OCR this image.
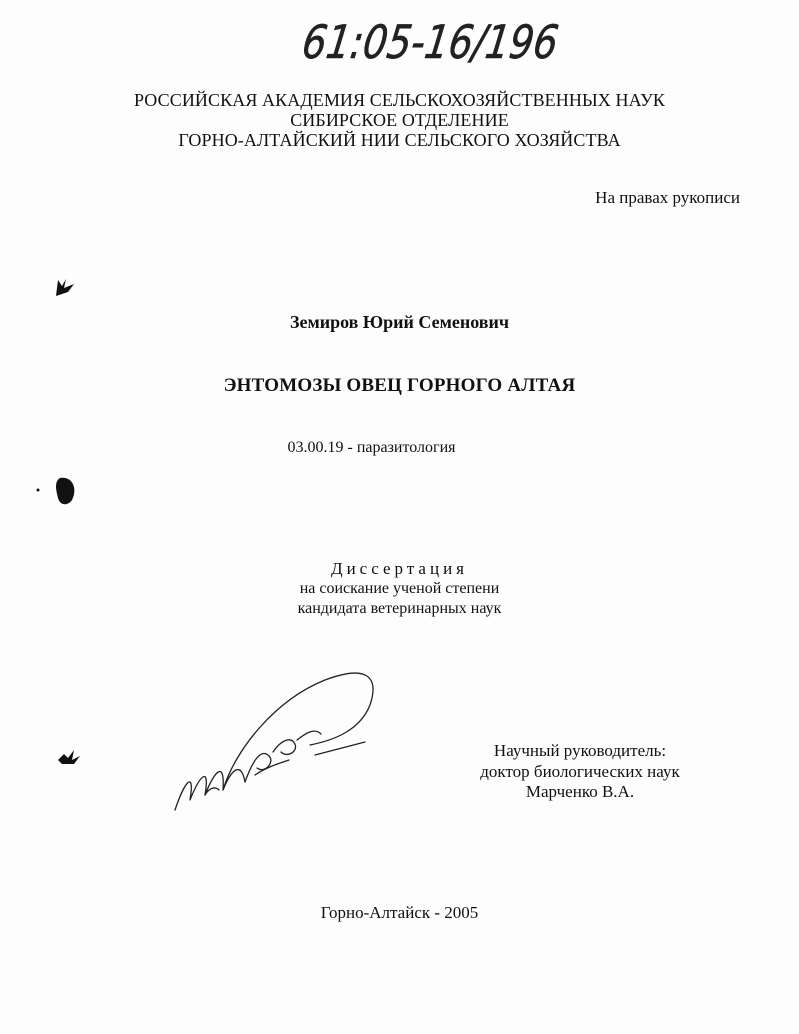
61:05-16/196
РОССИЙСКАЯ АКАДЕМИЯ СЕЛЬСКОХОЗЯЙСТВЕННЫХ НАУК
СИБИРСКОЕ ОТДЕЛЕНИЕ
ГОРНО-АЛТАЙСКИЙ НИИ СЕЛЬСКОГО ХОЗЯЙСТВА
На правах рукописи
Земиров Юрий Семенович
ЭНТОМОЗЫ ОВЕЦ ГОРНОГО АЛТАЯ
03.00.19 - паразитология
Диссертация
на соискание ученой степени
кандидата ветеринарных наук
Научный руководитель:
доктор биологических наук
Марченко В.А.
Горно-Алтайск - 2005
